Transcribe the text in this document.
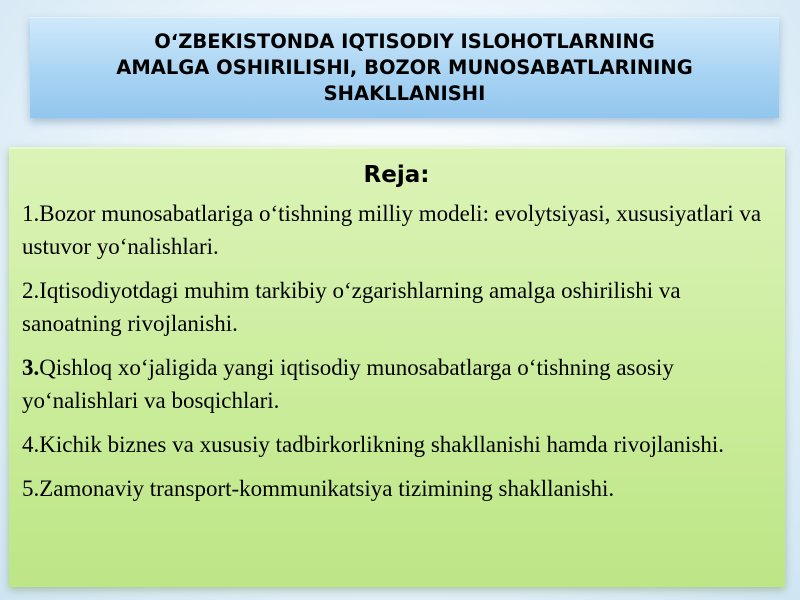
OʻZBEKISTONDA IQTISODIY ISLOHOTLARNING
AMALGA OSHIRILISHI, BOZOR MUNOSABATLARINING
SHAKLLANISHI
Reja:
1.Bozor munosabatlariga oʻtishning milliy modeli: evolytsiyasi, xususiyatlari va ustuvor yoʻnalishlari.
2.Iqtisodiyotdagi muhim tarkibiy oʻzgarishlarning amalga oshirilishi va sanoatning rivojlanishi.
3.Qishloq xoʻjaligida yangi iqtisodiy munosabatlarga oʻtishning asosiy yoʻnalishlari va bosqichlari.
4.Kichik biznes va xususiy tadbirkorlikning shakllanishi hamda rivojlanishi.
5.Zamonaviy transport-kommunikatsiya tizimining shakllanishi.
